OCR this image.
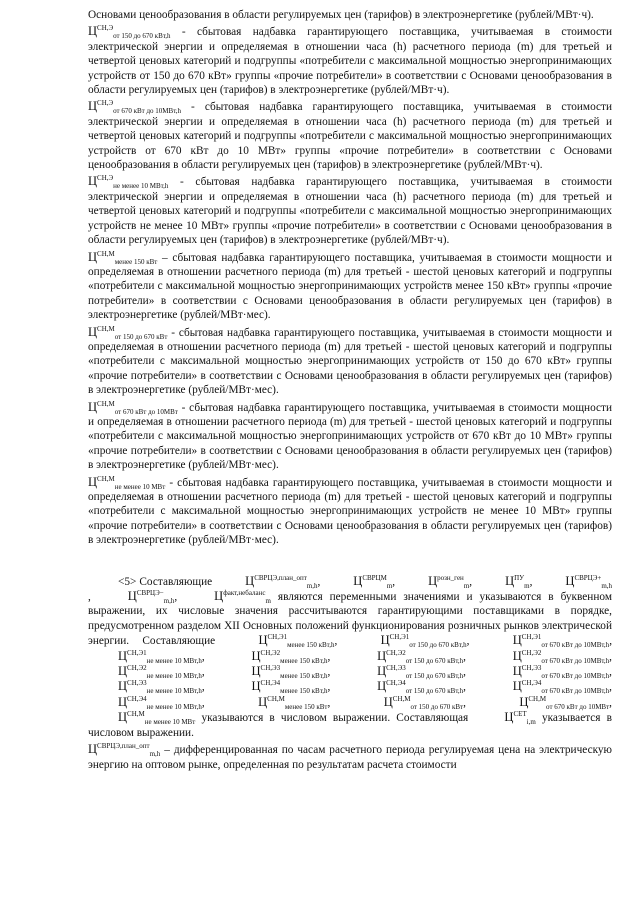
Основами ценообразования в области регулируемых цен (тарифов) в электроэнергетике (рублей/МВт·ч).

$Ц^{СН,Э}_{от 150 до 670 кВт,h}$ - сбытовая надбавка гарантирующего поставщика, учитываемая в стоимости электрической энергии и определяемая в отношении часа (h) расчетного периода (m) для третьей и четвертой ценовых категорий и подгруппы «потребители с максимальной мощностью энергопринимающих устройств от 150 до 670 кВт» группы «прочие потребители» в соответствии с Основами ценообразования в области регулируемых цен (тарифов) в электроэнергетике (рублей/МВт·ч).

$Ц^{СН,Э}_{от 670 кВт до 10МВт,h}$ - сбытовая надбавка гарантирующего поставщика, учитываемая в стоимости электрической энергии и определяемая в отношении часа (h) расчетного периода (m) для третьей и четвертой ценовых категорий и подгруппы «потребители с максимальной мощностью энергопринимающих устройств от 670 кВт до 10 МВт» группы «прочие потребители» в соответствии с Основами ценообразования в области регулируемых цен (тарифов) в электроэнергетике (рублей/МВт·ч).

$Ц^{СН,Э}_{не менее 10 МВт,h}$ - сбытовая надбавка гарантирующего поставщика, учитываемая в стоимости электрической энергии и определяемая в отношении часа (h) расчетного периода (m) для третьей и четвертой ценовых категорий и подгруппы «потребители с максимальной мощностью энергопринимающих устройств не менее 10 МВт» группы «прочие потребители» в соответствии с Основами ценообразования в области регулируемых цен (тарифов) в электроэнергетике (рублей/МВт·ч).

$Ц^{СН,М}_{менее 150 кВт}$ – сбытовая надбавка гарантирующего поставщика, учитываемая в стоимости мощности и определяемая в отношении расчетного периода (m) для третьей - шестой ценовых категорий и подгруппы «потребители с максимальной мощностью энергопринимающих устройств менее 150 кВт» группы «прочие потребители» в соответствии с Основами ценообразования в области регулируемых цен (тарифов) в электроэнергетике (рублей/МВт·мес).

$Ц^{СН,М}_{от 150 до 670 кВт}$ - сбытовая надбавка гарантирующего поставщика, учитываемая в стоимости мощности и определяемая в отношении расчетного периода (m) для третьей - шестой ценовых категорий и подгруппы «потребители с максимальной мощностью энергопринимающих устройств от 150 до 670 кВт» группы «прочие потребители» в соответствии с Основами ценообразования в области регулируемых цен (тарифов) в электроэнергетике (рублей/МВт·мес).

$Ц^{СН,М}_{от 670 кВт до 10МВт}$ - сбытовая надбавка гарантирующего поставщика, учитываемая в стоимости мощности и определяемая в отношении расчетного периода (m) для третьей - шестой ценовых категорий и подгруппы «потребители с максимальной мощностью энергопринимающих устройств от 670 кВт до 10 МВт» группы «прочие потребители» в соответствии с Основами ценообразования в области регулируемых цен (тарифов) в электроэнергетике (рублей/МВт·мес).

$Ц^{СН,М}_{не менее 10 МВт}$ - сбытовая надбавка гарантирующего поставщика, учитываемая в стоимости мощности и определяемая в отношении расчетного периода (m) для третьей - шестой ценовых категорий и подгруппы «потребители с максимальной мощностью энергопринимающих устройств не менее 10 МВт» группы «прочие потребители» в соответствии с Основами ценообразования в области регулируемых цен (тарифов) в электроэнергетике (рублей/МВт·мес).

<5> Составляющие	$Ц^{СВРЦЭ,план\_опт}_{m,h}$, $Ц^{СВРЦМ}_m$, $Ц^{розн\_ген}_m$, $Ц^{ПУ}_m$, $Ц^{СВРЦЭ+}_{m,h}$, $Ц^{СВРЦЭ-}_{m,h}$, $Ц^{факт,небаланс}_m$ являются переменными значениями и указываются в буквенном выражении, их числовые значения рассчитываются гарантирующими поставщиками в порядке, предусмотренном разделом XII Основных положений функционирования розничных рынков электрической энергии. Составляющие	$Ц^{СН,Э1}_{менее 150 кВт,h}$, $Ц^{СН,Э1}_{от 150 до 670 кВт,h}$, $Ц^{СН,Э1}_{от 670 кВт до 10МВт,h}$, $Ц^{СН,Э1}_{не менее 10 МВт,h}$, $Ц^{СН,Э2}_{менее 150 кВт,h}$, $Ц^{СН,Э2}_{от 150 до 670 кВт,h}$, $Ц^{СН,Э2}_{от 670 кВт до 10МВт,h}$, $Ц^{СН,Э2}_{не менее 10 МВт,h}$, $Ц^{СН,Э3}_{менее 150 кВт,h}$, $Ц^{СН,Э3}_{от 150 до 670 кВт,h}$, $Ц^{СН,Э3}_{от 670 кВт до 10МВт,h}$, $Ц^{СН,Э3}_{не менее 10 МВт,h}$, $Ц^{СН,Э4}_{менее 150 кВт,h}$, $Ц^{СН,Э4}_{от 150 до 670 кВт,h}$, $Ц^{СН,Э4}_{от 670 кВт до 10МВт,h}$, $Ц^{СН,Э4}_{не менее 10 МВт,h}$, $Ц^{СН,М}_{менее 150 кВт}$, $Ц^{СН,М}_{от 150 до 670 кВт}$, $Ц^{СН,М}_{от 670 кВт до 10МВт}$, $Ц^{СН,М}_{не менее 10 МВт}$ указываются в числовом выражении. Составляющая	$Ц^{СЕТ}_{i,m}$ указывается в числовом выражении.

$Ц^{СВРЦЭ,план\_опт}_{m,h}$ – дифференцированная по часам расчетного периода регулируемая цена на электрическую энергию на оптовом рынке, определенная по результатам расчета стоимости
